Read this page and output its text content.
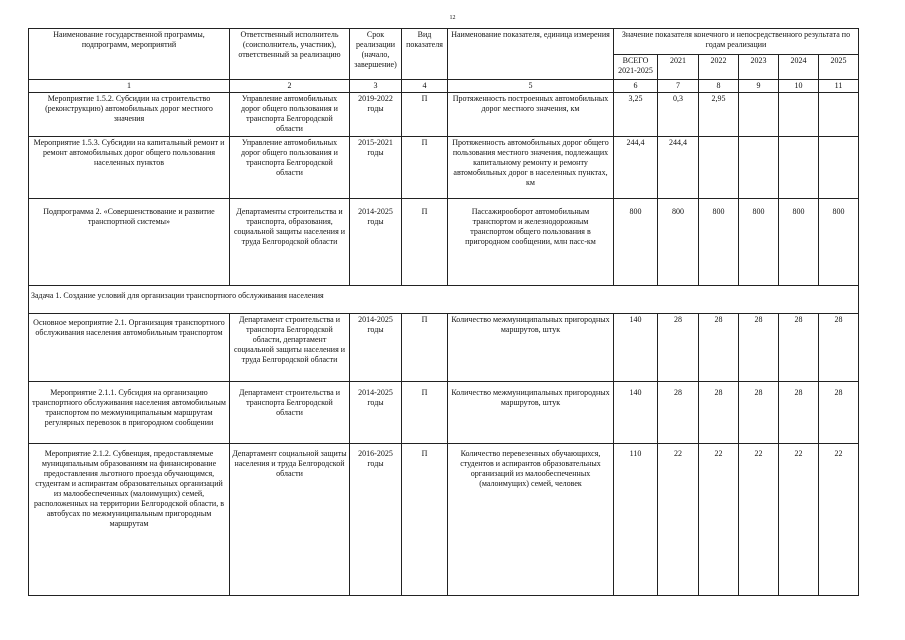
12
Наименование государственной программы, подпрограмм, мероприятий	Ответственный исполнитель (соисполнитель, участник), ответственный за реализацию	Срок реализации (начало, завершение)	Вид показателя	Наименование показателя, единица измерения	Значение показателя конечного и непосредственного результата по годам реализации					
					ВСЕГО 2021-2025	2021	2022	2023	2024	2025
1	2	3	4	5	6	7	8	9	10	11
Мероприятие 1.5.2. Субсидии на строительство (реконструкцию) автомобильных дорог местного значения	Управление автомобильных дорог общего пользования и транспорта Белгородской области	2019-2022 годы	П	Протяженность построенных автомобильных дорог местного значения, км	3,25	0,3	2,95			
Мероприятие 1.5.3. Субсидии на капитальный ремонт и ремонт автомобильных дорог общего пользования населенных пунктов	Управление автомобильных дорог общего пользования и транспорта Белгородской области	2015-2021 годы	П	Протяженность автомобильных дорог общего пользования местного значения, подлежащих капитальному ремонту и ремонту автомобильных дорог в населенных пунктах, км	244,4	244,4				
Подпрограмма 2. «Совершенствование и развитие транспортной системы»	Департаменты строительства и транспорта, образования, социальной защиты населения и труда Белгородской области	2014-2025 годы	П	Пассажирооборот автомобильным транспортом и железнодорожным транспортом общего пользования в пригородном сообщении, млн пасс-км	800	800	800	800	800	800
Задача 1. Создание условий для организации транспортного обслуживания населения										
Основное мероприятие 2.1. Организация транспортного обслуживания населения автомобильным транспортом	Департамент строительства и транспорта Белгородской области, департамент социальной защиты населения и труда Белгородской области	2014-2025 годы	П	Количество межмуниципальных пригородных маршрутов, штук	140	28	28	28	28	28
Мероприятие 2.1.1. Субсидия на организацию транспортного обслуживания населения автомобильным транспортом по межмуниципальным маршрутам регулярных перевозок в пригородном сообщении	Департамент строительства и транспорта Белгородской области	2014-2025 годы	П	Количество межмуниципальных пригородных маршрутов, штук	140	28	28	28	28	28
Мероприятие 2.1.2. Субвенция, предоставляемые муниципальным образованиям на финансирование предоставления льготного проезда обучающимся, студентам и аспирантам образовательных организаций из малообеспеченных (малоимущих) семей, расположенных на территории Белгородской области, в автобусах по межмуниципальным пригородным маршрутам	Департамент социальной защиты населения и труда Белгородской области	2016-2025 годы	П	Количество перевезенных обучающихся, студентов и аспирантов образовательных организаций из малообеспеченных (малоимущих) семей, человек	110	22	22	22	22	22
